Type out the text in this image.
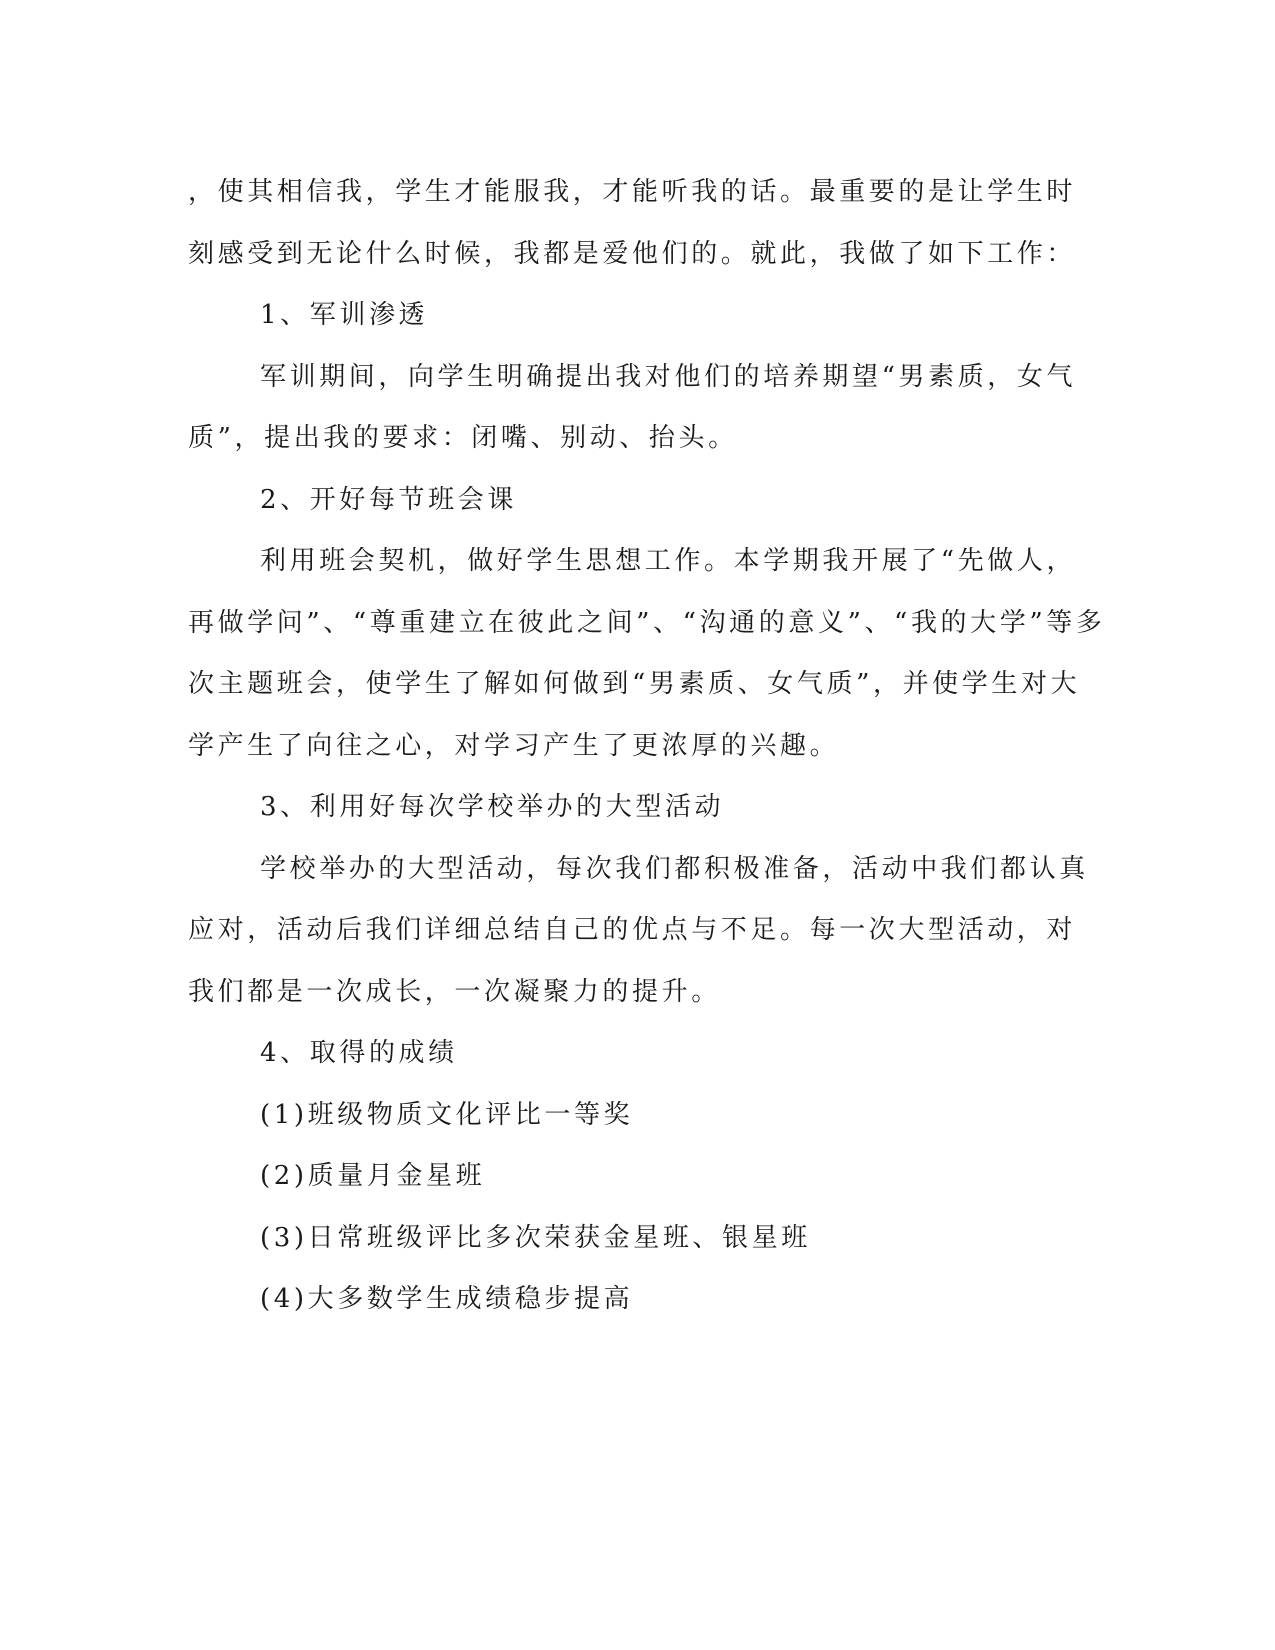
，使其相信我，学生才能服我，才能听我的话。最重要的是让学生时
刻感受到无论什么时候，我都是爱他们的。就此，我做了如下工作：
1、军训渗透
军训期间，向学生明确提出我对他们的培养期望“男素质，女气
质”，提出我的要求：闭嘴、别动、抬头。
2、开好每节班会课
利用班会契机，做好学生思想工作。本学期我开展了“先做人，
再做学问”、“尊重建立在彼此之间”、“沟通的意义”、“我的大学”等多
次主题班会，使学生了解如何做到“男素质、女气质”，并使学生对大
学产生了向往之心，对学习产生了更浓厚的兴趣。
3、利用好每次学校举办的大型活动
学校举办的大型活动，每次我们都积极准备，活动中我们都认真
应对，活动后我们详细总结自己的优点与不足。每一次大型活动，对
我们都是一次成长，一次凝聚力的提升。
4、取得的成绩
(1)班级物质文化评比一等奖
(2)质量月金星班
(3)日常班级评比多次荣获金星班、银星班
(4)大多数学生成绩稳步提高
